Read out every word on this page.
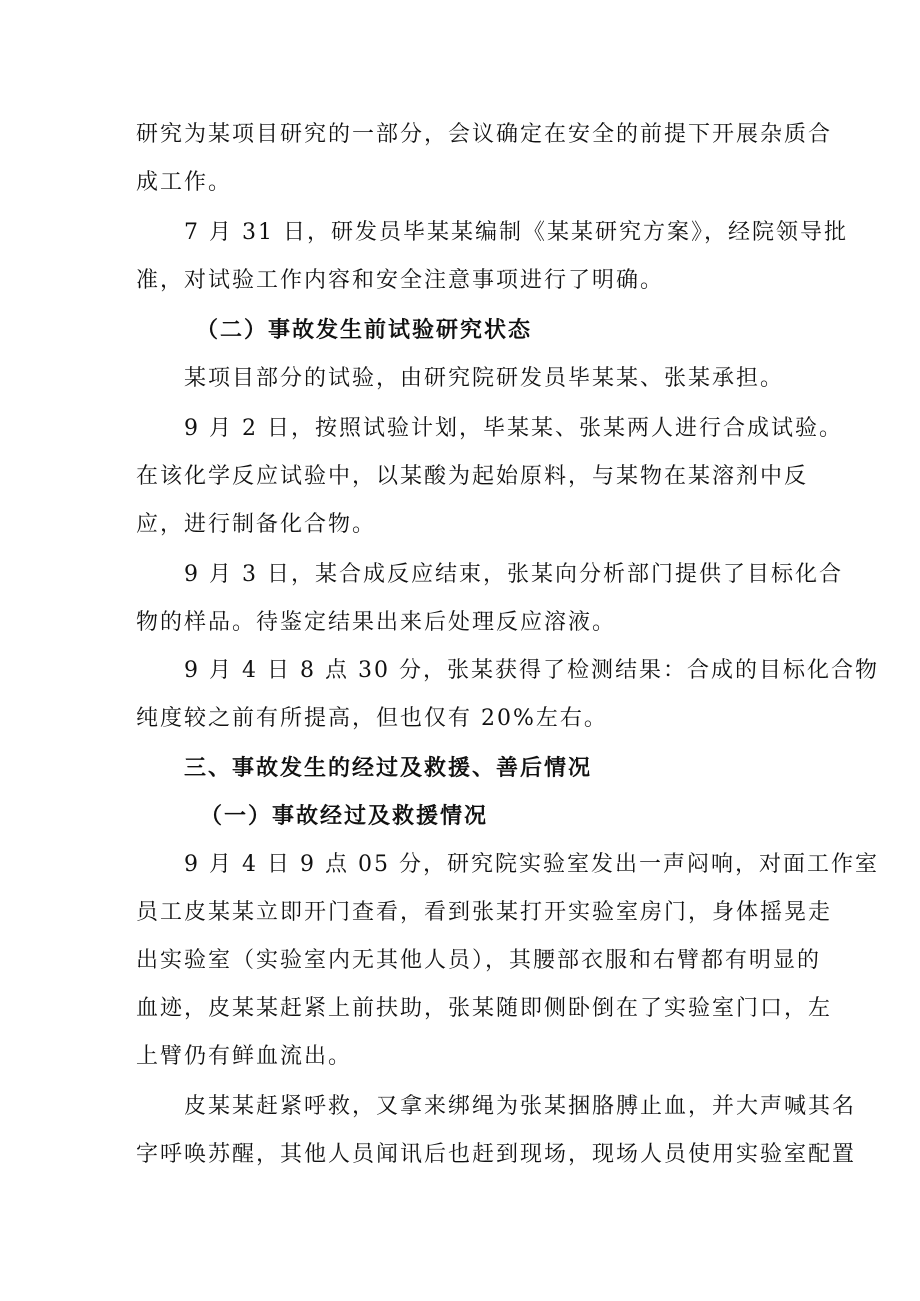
研究为某项目研究的一部分，会议确定在安全的前提下开展杂质合
成工作。
7 月 31 日，研发员毕某某编制《某某研究方案》，经院领导批
准，对试验工作内容和安全注意事项进行了明确。
（二）事故发生前试验研究状态
某项目部分的试验，由研究院研发员毕某某、张某承担。
9 月 2 日，按照试验计划，毕某某、张某两人进行合成试验。
在该化学反应试验中，以某酸为起始原料，与某物在某溶剂中反
应，进行制备化合物。
9 月 3 日，某合成反应结束，张某向分析部门提供了目标化合
物的样品。待鉴定结果出来后处理反应溶液。
9 月 4 日 8 点 30 分，张某获得了检测结果：合成的目标化合物
纯度较之前有所提高，但也仅有 20%左右。
三、事故发生的经过及救援、善后情况
（一）事故经过及救援情况
9 月 4 日 9 点 05 分，研究院实验室发出一声闷响，对面工作室
员工皮某某立即开门查看，看到张某打开实验室房门，身体摇晃走
出实验室（实验室内无其他人员），其腰部衣服和右臂都有明显的
血迹，皮某某赶紧上前扶助，张某随即侧卧倒在了实验室门口，左
上臂仍有鲜血流出。
皮某某赶紧呼救，又拿来绑绳为张某捆胳膊止血，并大声喊其名
字呼唤苏醒，其他人员闻讯后也赶到现场，现场人员使用实验室配置
